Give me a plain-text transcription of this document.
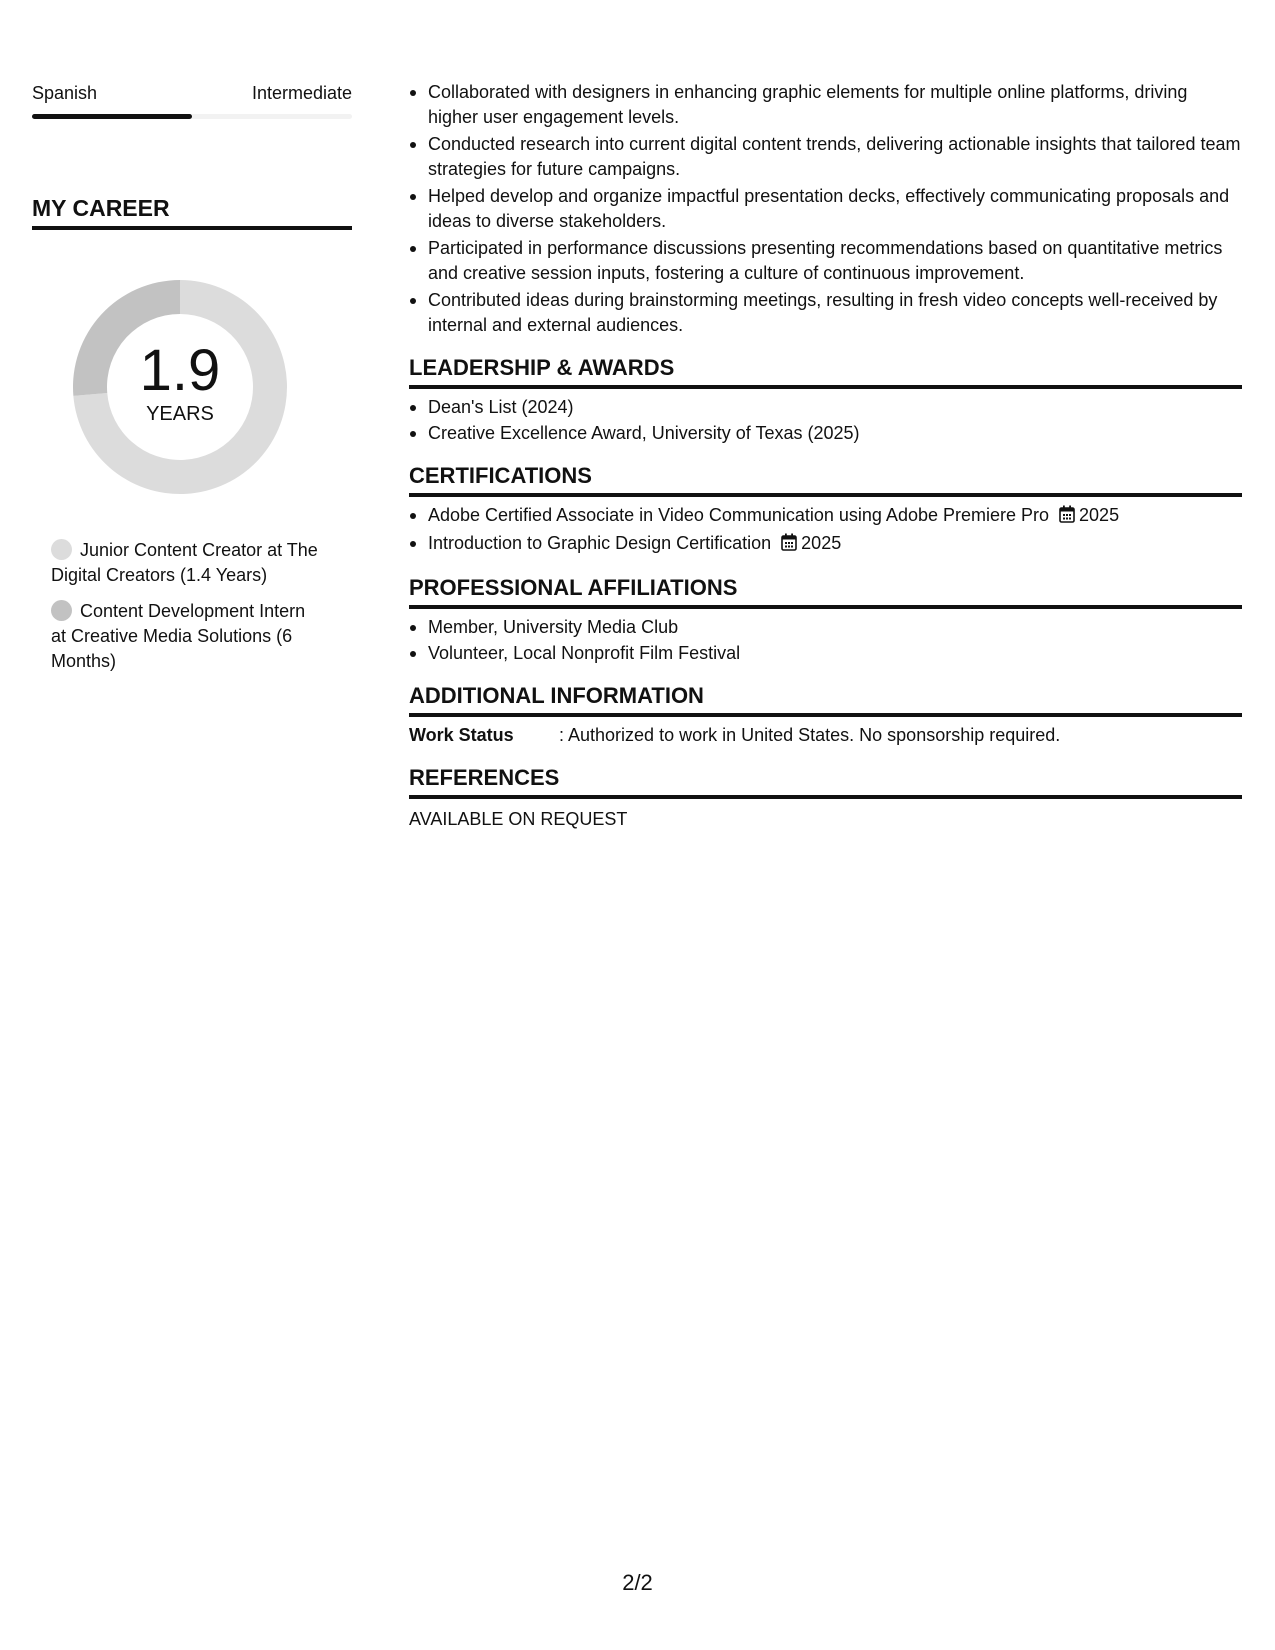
Spanish	Intermediate
MY CAREER
1.9
YEARS
Junior Content Creator at The Digital Creators (1.4 Years)
Content Development Intern at Creative Media Solutions (6 Months)
Collaborated with designers in enhancing graphic elements for multiple online platforms, driving higher user engagement levels.
Conducted research into current digital content trends, delivering actionable insights that tailored team strategies for future campaigns.
Helped develop and organize impactful presentation decks, effectively communicating proposals and ideas to diverse stakeholders.
Participated in performance discussions presenting recommendations based on quantitative metrics and creative session inputs, fostering a culture of continuous improvement.
Contributed ideas during brainstorming meetings, resulting in fresh video concepts well-received by internal and external audiences.
LEADERSHIP & AWARDS
Dean's List (2024)
Creative Excellence Award, University of Texas (2025)
CERTIFICATIONS
Adobe Certified Associate in Video Communication using Adobe Premiere Pro 2025
Introduction to Graphic Design Certification 2025
PROFESSIONAL AFFILIATIONS
Member, University Media Club
Volunteer, Local Nonprofit Film Festival
ADDITIONAL INFORMATION
Work Status	: Authorized to work in United States. No sponsorship required.
REFERENCES
AVAILABLE ON REQUEST
2/2
